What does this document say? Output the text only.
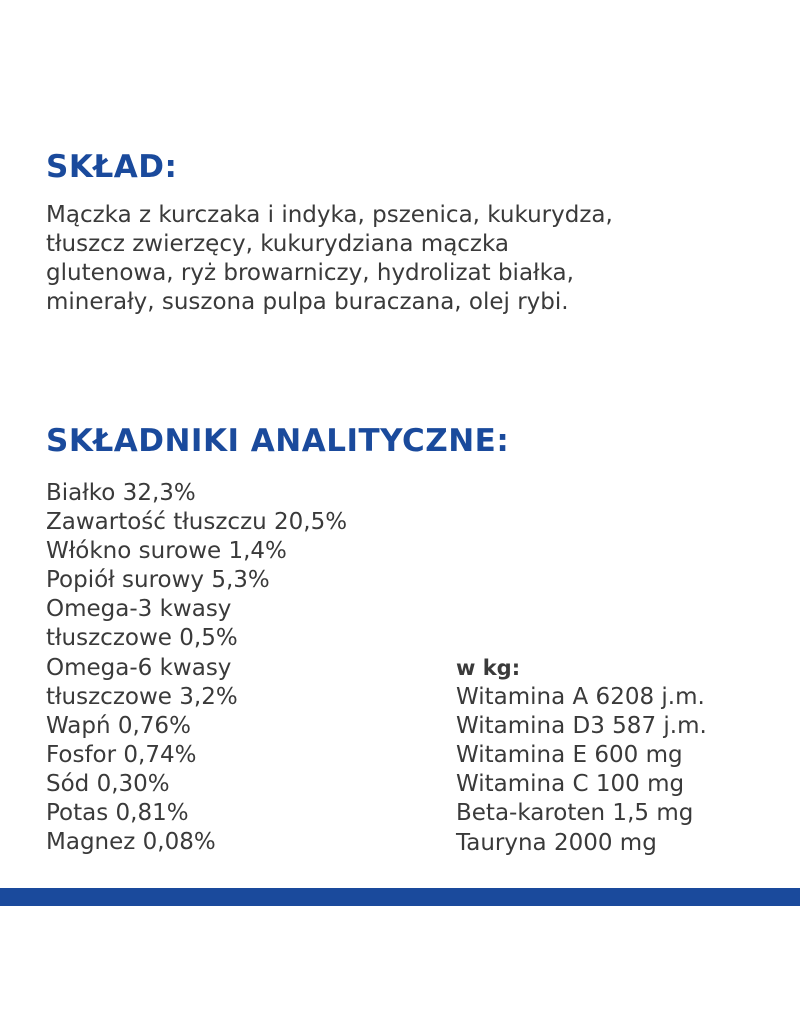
SKŁAD:

Mączka z kurczaka i indyka, pszenica, kukurydza,
tłuszcz zwierzęcy, kukurydziana mączka
glutenowa, ryż browarniczy, hydrolizat białka,
minerały, suszona pulpa buraczana, olej rybi.

SKŁADNIKI ANALITYCZNE:
Białko 32,3%
Zawartość tłuszczu 20,5%
Włókno surowe 1,4%
Popiół surowy 5,3%
Omega-3 kwasy
tłuszczowe 0,5%
Omega-6 kwasy
tłuszczowe 3,2%
Wapń 0,76%
Fosfor 0,74%
Sód 0,30%
Potas 0,81%
Magnez 0,08%
w kg:
Witamina A 6208 j.m.
Witamina D3 587 j.m.
Witamina E 600 mg
Witamina C 100 mg
Beta-karoten 1,5 mg
Tauryna 2000 mg
